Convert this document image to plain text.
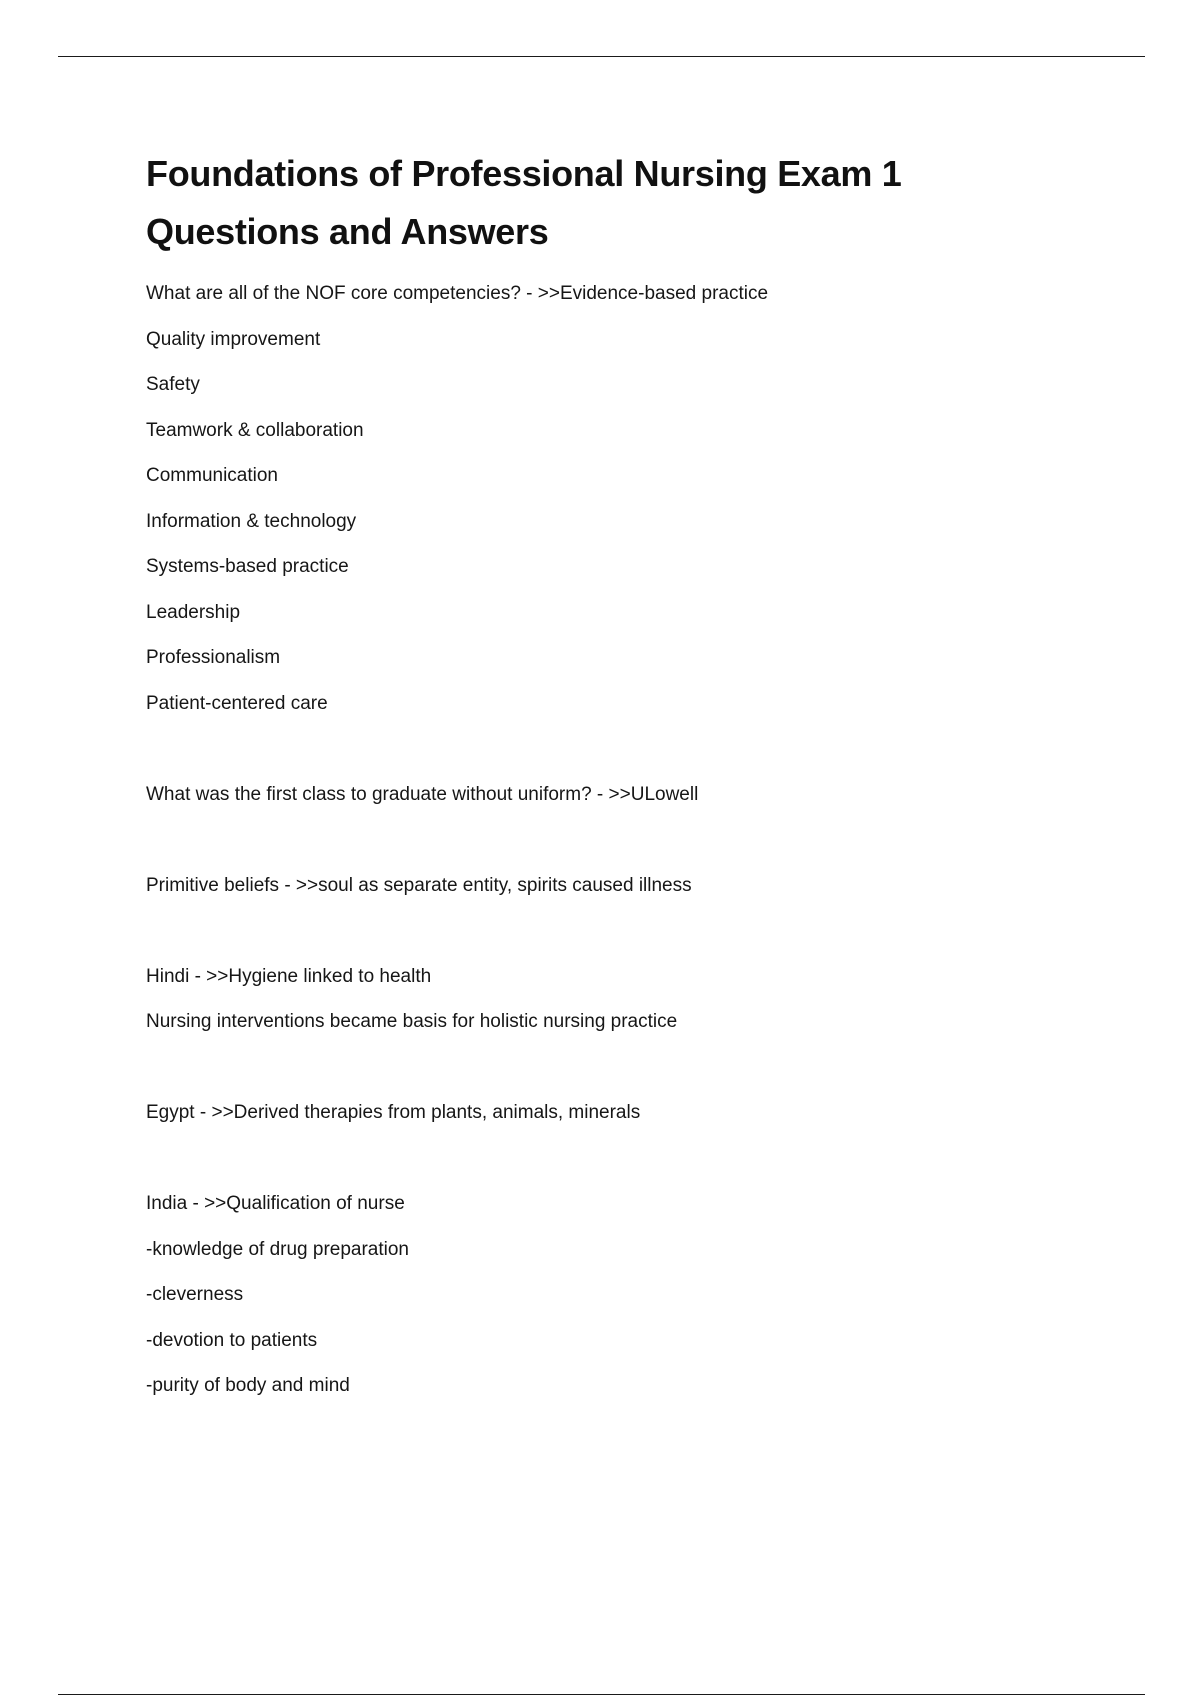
Foundations of Professional Nursing Exam 1
Questions and Answers
What are all of the NOF core competencies? - >>Evidence-based practice
Quality improvement
Safety
Teamwork & collaboration
Communication
Information & technology
Systems-based practice
Leadership
Professionalism
Patient-centered care
What was the first class to graduate without uniform? - >>ULowell
Primitive beliefs - >>soul as separate entity, spirits caused illness
Hindi - >>Hygiene linked to health
Nursing interventions became basis for holistic nursing practice
Egypt - >>Derived therapies from plants, animals, minerals
India - >>Qualification of nurse
-knowledge of drug preparation
-cleverness
-devotion to patients
-purity of body and mind
